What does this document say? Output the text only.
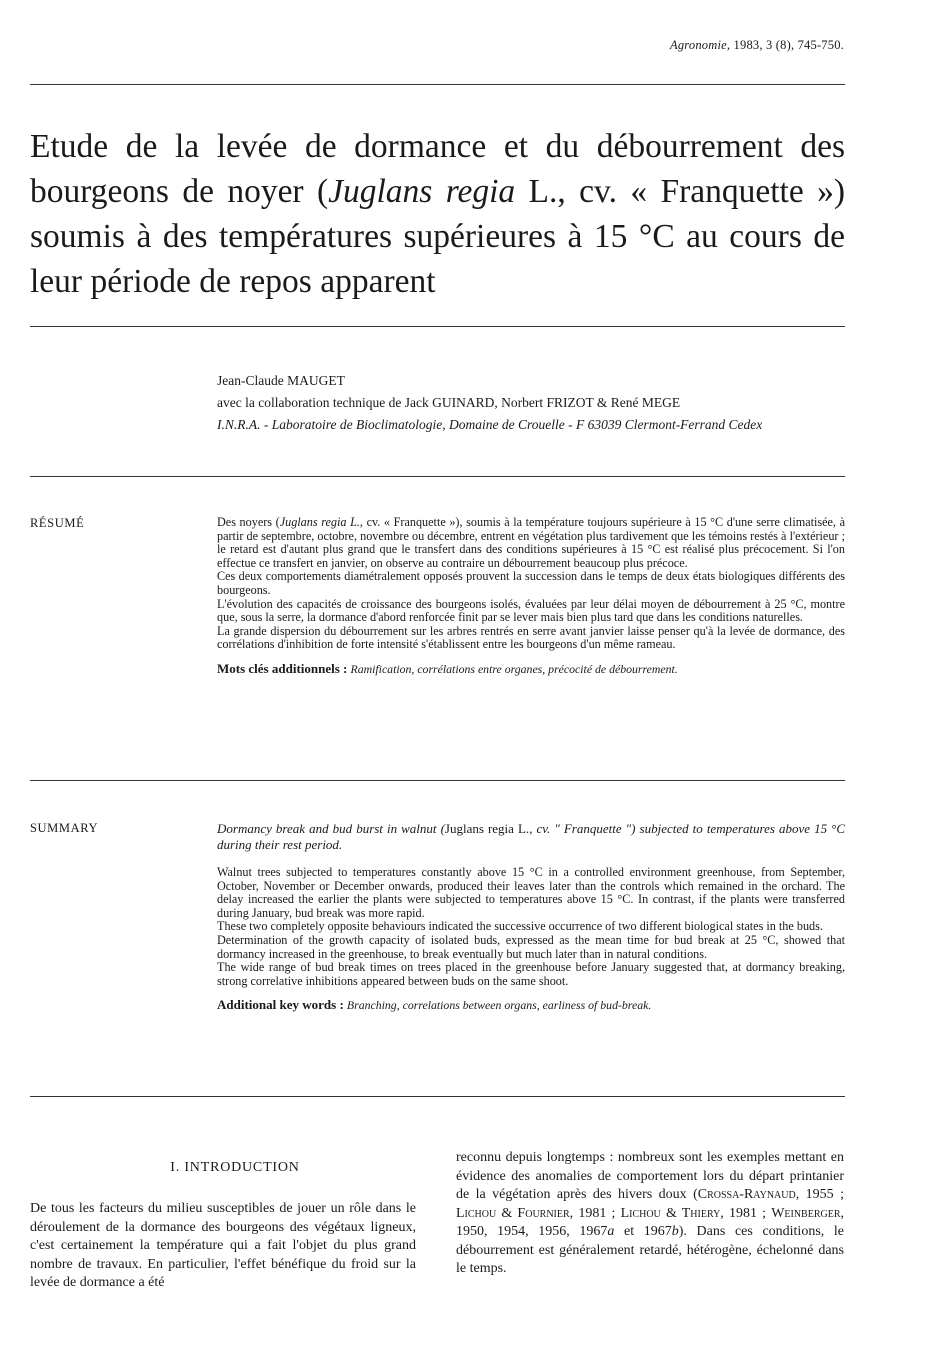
Agronomie, 1983, 3 (8), 745-750.
Etude de la levée de dormance et du débourrement des bourgeons de noyer (Juglans regia L., cv. « Franquette ») soumis à des températures supérieures à 15 °C au cours de leur période de repos apparent
Jean-Claude MAUGET
avec la collaboration technique de Jack GUINARD, Norbert FRIZOT & René MEGE
I.N.R.A. - Laboratoire de Bioclimatologie, Domaine de Crouelle - F 63039 Clermont-Ferrand Cedex
RÉSUMÉ	Des noyers (Juglans regia L., cv. « Franquette »), soumis à la température toujours supérieure à 15 °C d'une serre climatisée, à partir de septembre, octobre, novembre ou décembre, entrent en végétation plus tardivement que les témoins restés à l'extérieur ; le retard est d'autant plus grand que le transfert dans des conditions supérieures à 15 °C est réalisé plus précocement. Si l'on effectue ce transfert en janvier, on observe au contraire un débourrement beaucoup plus précoce.

Ces deux comportements diamétralement opposés prouvent la succession dans le temps de deux états biologiques différents des bourgeons.

L'évolution des capacités de croissance des bourgeons isolés, évaluées par leur délai moyen de débourrement à 25 °C, montre que, sous la serre, la dormance d'abord renforcée finit par se lever mais bien plus tard que dans les conditions naturelles.

La grande dispersion du débourrement sur les arbres rentrés en serre avant janvier laisse penser qu'à la levée de dormance, des corrélations d'inhibition de forte intensité s'établissent entre les bourgeons d'un même rameau.

Mots clés additionnels : Ramification, corrélations entre organes, précocité de débourrement.

SUMMARY	Dormancy break and bud burst in walnut (Juglans regia L., cv. " Franquette ") subjected to temperatures above 15 °C during their rest period.

Walnut trees subjected to temperatures constantly above 15 °C in a controlled environment greenhouse, from September, October, November or December onwards, produced their leaves later than the controls which remained in the orchard. The delay increased the earlier the plants were subjected to temperatures above 15 °C. In contrast, if the plants were transferred during January, bud break was more rapid.

These two completely opposite behaviours indicated the successive occurrence of two different biological states in the buds.

Determination of the growth capacity of isolated buds, expressed as the mean time for bud break at 25 °C, showed that dormancy increased in the greenhouse, to break eventually but much later than in natural conditions.

The wide range of bud break times on trees placed in the greenhouse before January suggested that, at dormancy breaking, strong correlative inhibitions appeared between buds on the same shoot.

Additional key words : Branching, correlations between organs, earliness of bud-break.

I. INTRODUCTION

De tous les facteurs du milieu susceptibles de jouer un rôle dans le déroulement de la dormance des bourgeons des végétaux ligneux, c'est certainement la température qui a fait l'objet du plus grand nombre de travaux. En particulier, l'effet bénéfique du froid sur la levée de dormance a été

reconnu depuis longtemps : nombreux sont les exemples mettant en évidence des anomalies de comportement lors du départ printanier de la végétation après des hivers doux (Crossa-Raynaud, 1955 ; Lichou & Fournier, 1981 ; Lichou & Thiery, 1981 ; Weinberger, 1950, 1954, 1956, 1967a et 1967b). Dans ces conditions, le débourrement est généralement retardé, hétérogène, échelonné dans le temps.
